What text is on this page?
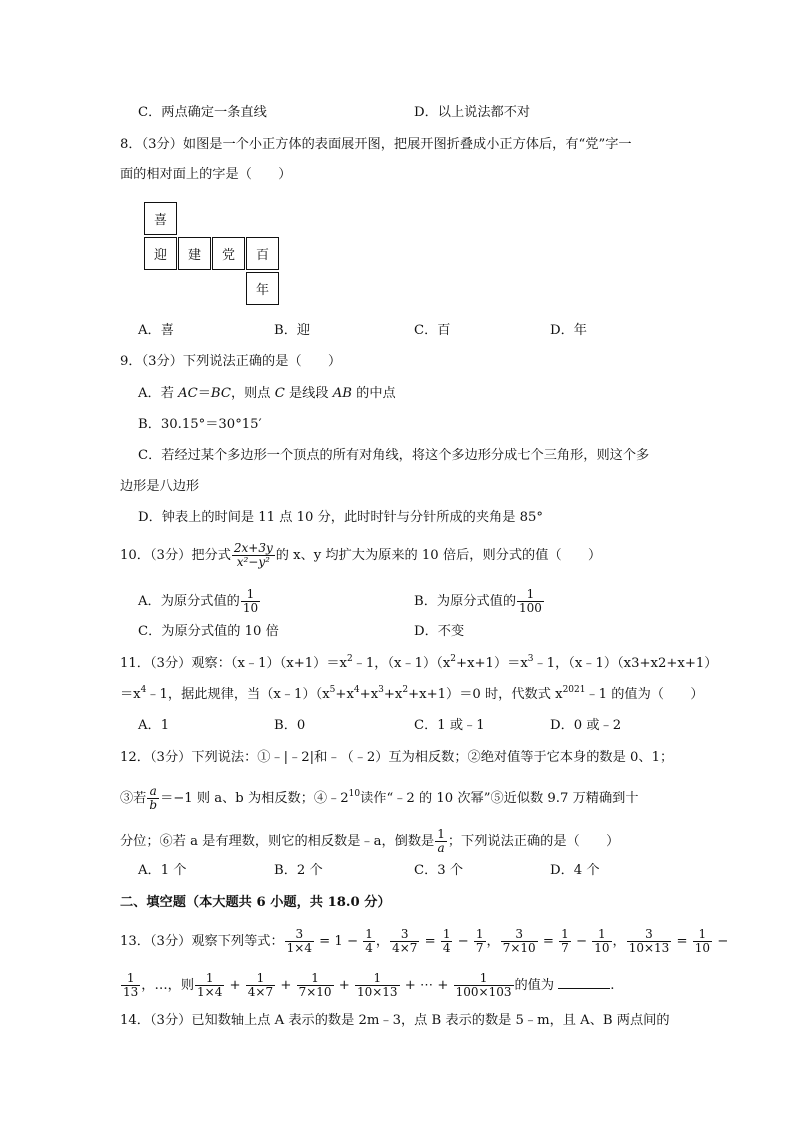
C．两点确定一条直线	D．以上说法都不对
8．（3分）如图是一个小正方体的表面展开图，把展开图折叠成小正方体后，有“党”字一
面的相对面上的字是（　　）
喜
迎	建	党	百
年
A．喜	B．迎	C．百	D．年
9．（3分）下列说法正确的是（　　）
A．若 AC＝BC，则点 C 是线段 AB 的中点
B．30.15°＝30°15′
C．若经过某个多边形一个顶点的所有对角线，将这个多边形分成七个三角形，则这个多
边形是八边形
D．钟表上的时间是 11 点 10 分，此时时针与分针所成的夹角是 85°
10．（3分）把分式 $\frac{2x+3y}{\text{x²−y²}}$ 的 x、y 均扩大为原来的 10 倍后，则分式的值（　　）
A．为原分式值的 $\frac{1}{10}$	B．为原分式值的 $\frac{1}{100}$
C．为原分式值的 10 倍	D．不变
11．（3分）观察：$(x﹣1)(x+1)=x^2﹣1$，$(x﹣1)(x^2+x+1)=x^3﹣1$，（x﹣1）（x3+x2+x+1）
$=x^4﹣1$，据此规律，当$(x﹣1)(x^5+x^4+x^3+x^2+x+1)=0$ 时，代数式 $x^{2021}﹣1$ 的值为（　　）
A．1	B．0	C．1 或﹣1	D．0 或﹣2
12．（3分）下列说法：①﹣|﹣2|和﹣（﹣2）互为相反数；②绝对值等于它本身的数是 0、1；
③若 $\frac{a}{b} =-1$ 则 a、b 为相反数；$④﹣2^{10}$读作“﹣2 的 10 次幂”⑤近似数 9.7 万精确到十
分位；⑥若 a 是有理数，则它的相反数是﹣a，倒数是 $\frac{1}{a}$ ；下列说法正确的是（　　）
A．1 个	B．2 个	C．3 个	D．4 个
二、填空题（本大题共 6 小题，共 18.0 分）
13．（3分）观察下列等式： $\frac{3}{1\times 4} = 1 - \frac{1}{4}$ ， $\frac{3}{4\times 7} = \frac{1}{4} - \frac{1}{7}$ ， $\frac{3}{7\times 10} = \frac{1}{7} - \frac{1}{10}$ ， $\frac{3}{10\times 13} = \frac{1}{10}$ −
$\frac{1}{13}$ ，…，则 $\frac{1}{1\times 4} + \frac{1}{4\times 7} + \frac{1}{7\times 10} + \frac{1}{10\times 13}$ + ⋯ + $\frac{1}{100\times 103}$ 的值为	.
14．（3分）已知数轴上点 A 表示的数是 2m﹣3，点 B 表示的数是 5﹣m，且 A、B 两点间的
